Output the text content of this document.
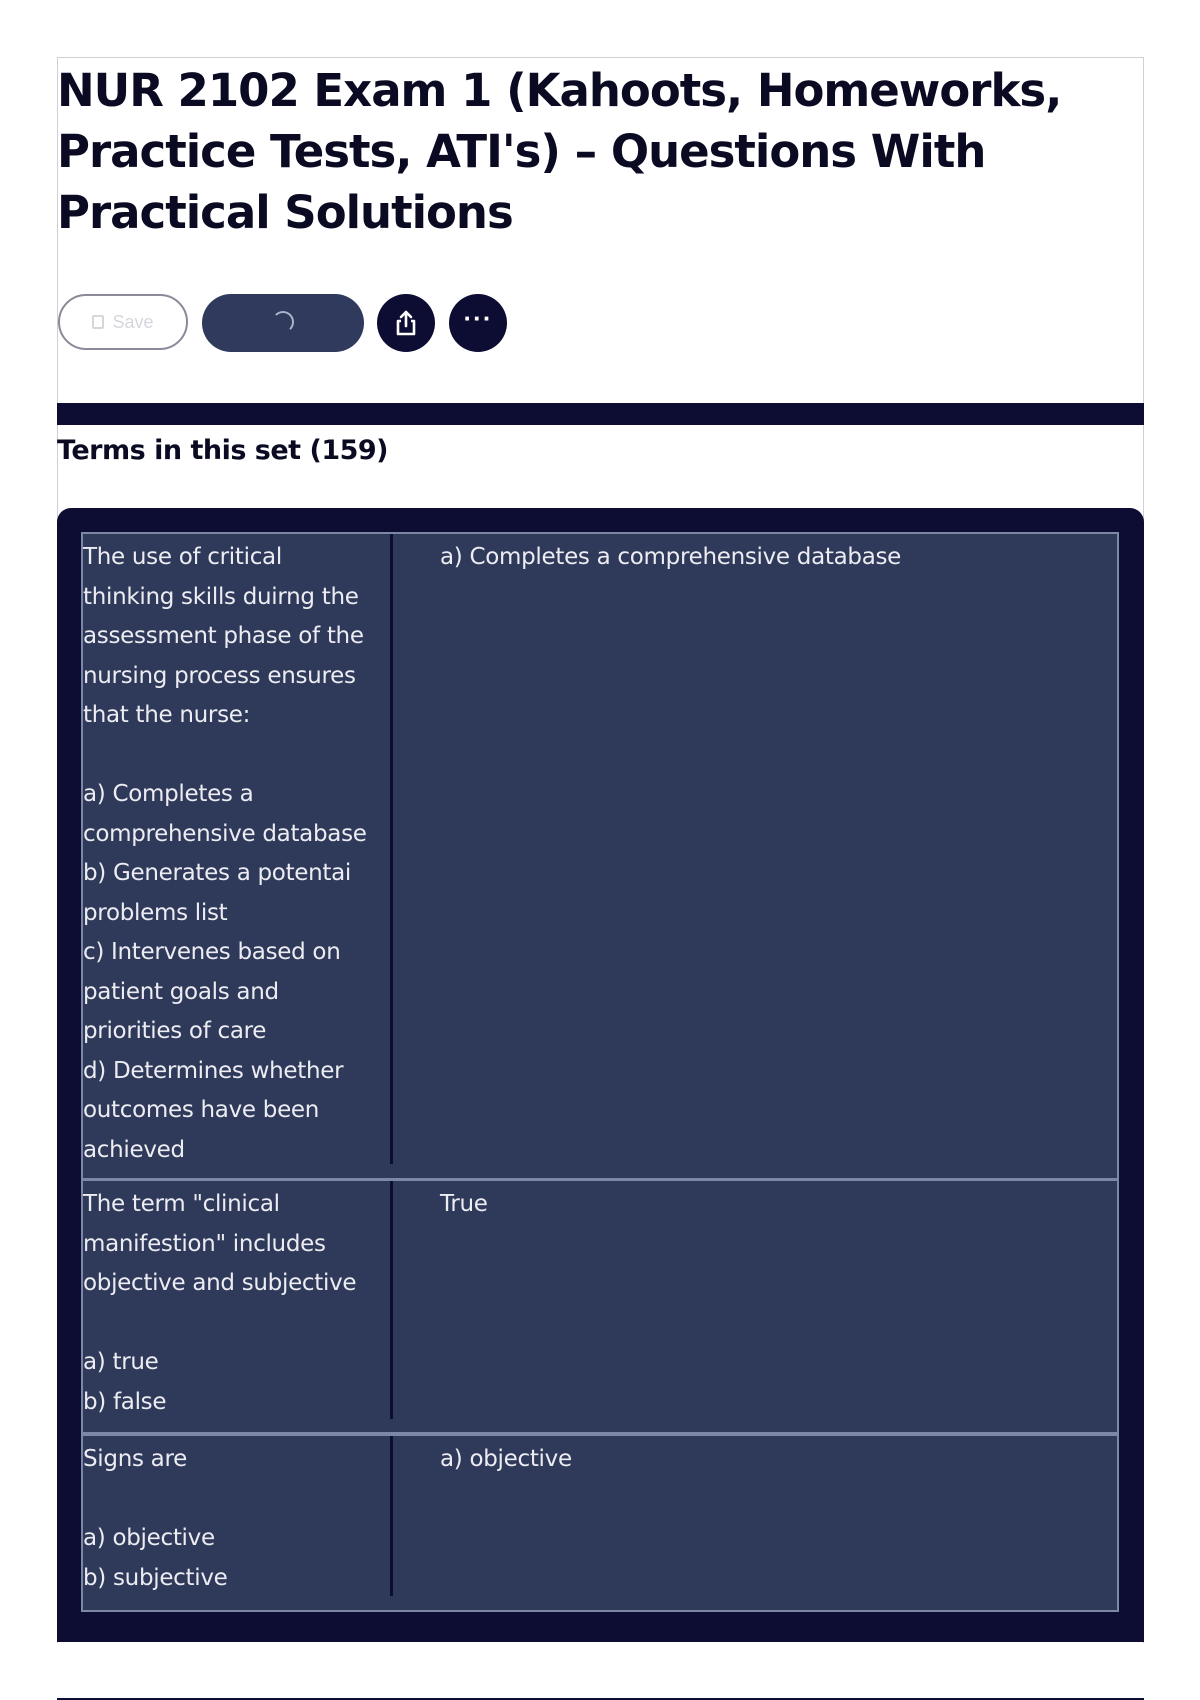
NUR 2102 Exam 1 (Kahoots, Homeworks, Practice Tests, ATI's) – Questions With Practical Solutions
Save	···
Terms in this set (159)

The use of critical
thinking skills duirng the
assessment phase of the
nursing process ensures
that the nurse:

a) Completes a
comprehensive database
b) Generates a potentai
problems list
c) Intervenes based on
patient goals and
priorities of care
d) Determines whether
outcomes have been
achieved

a) Completes a comprehensive database

The term "clinical
manifestion" includes
objective and subjective

a) true
b) false

True

Signs are

a) objective
b) subjective

a) objective
